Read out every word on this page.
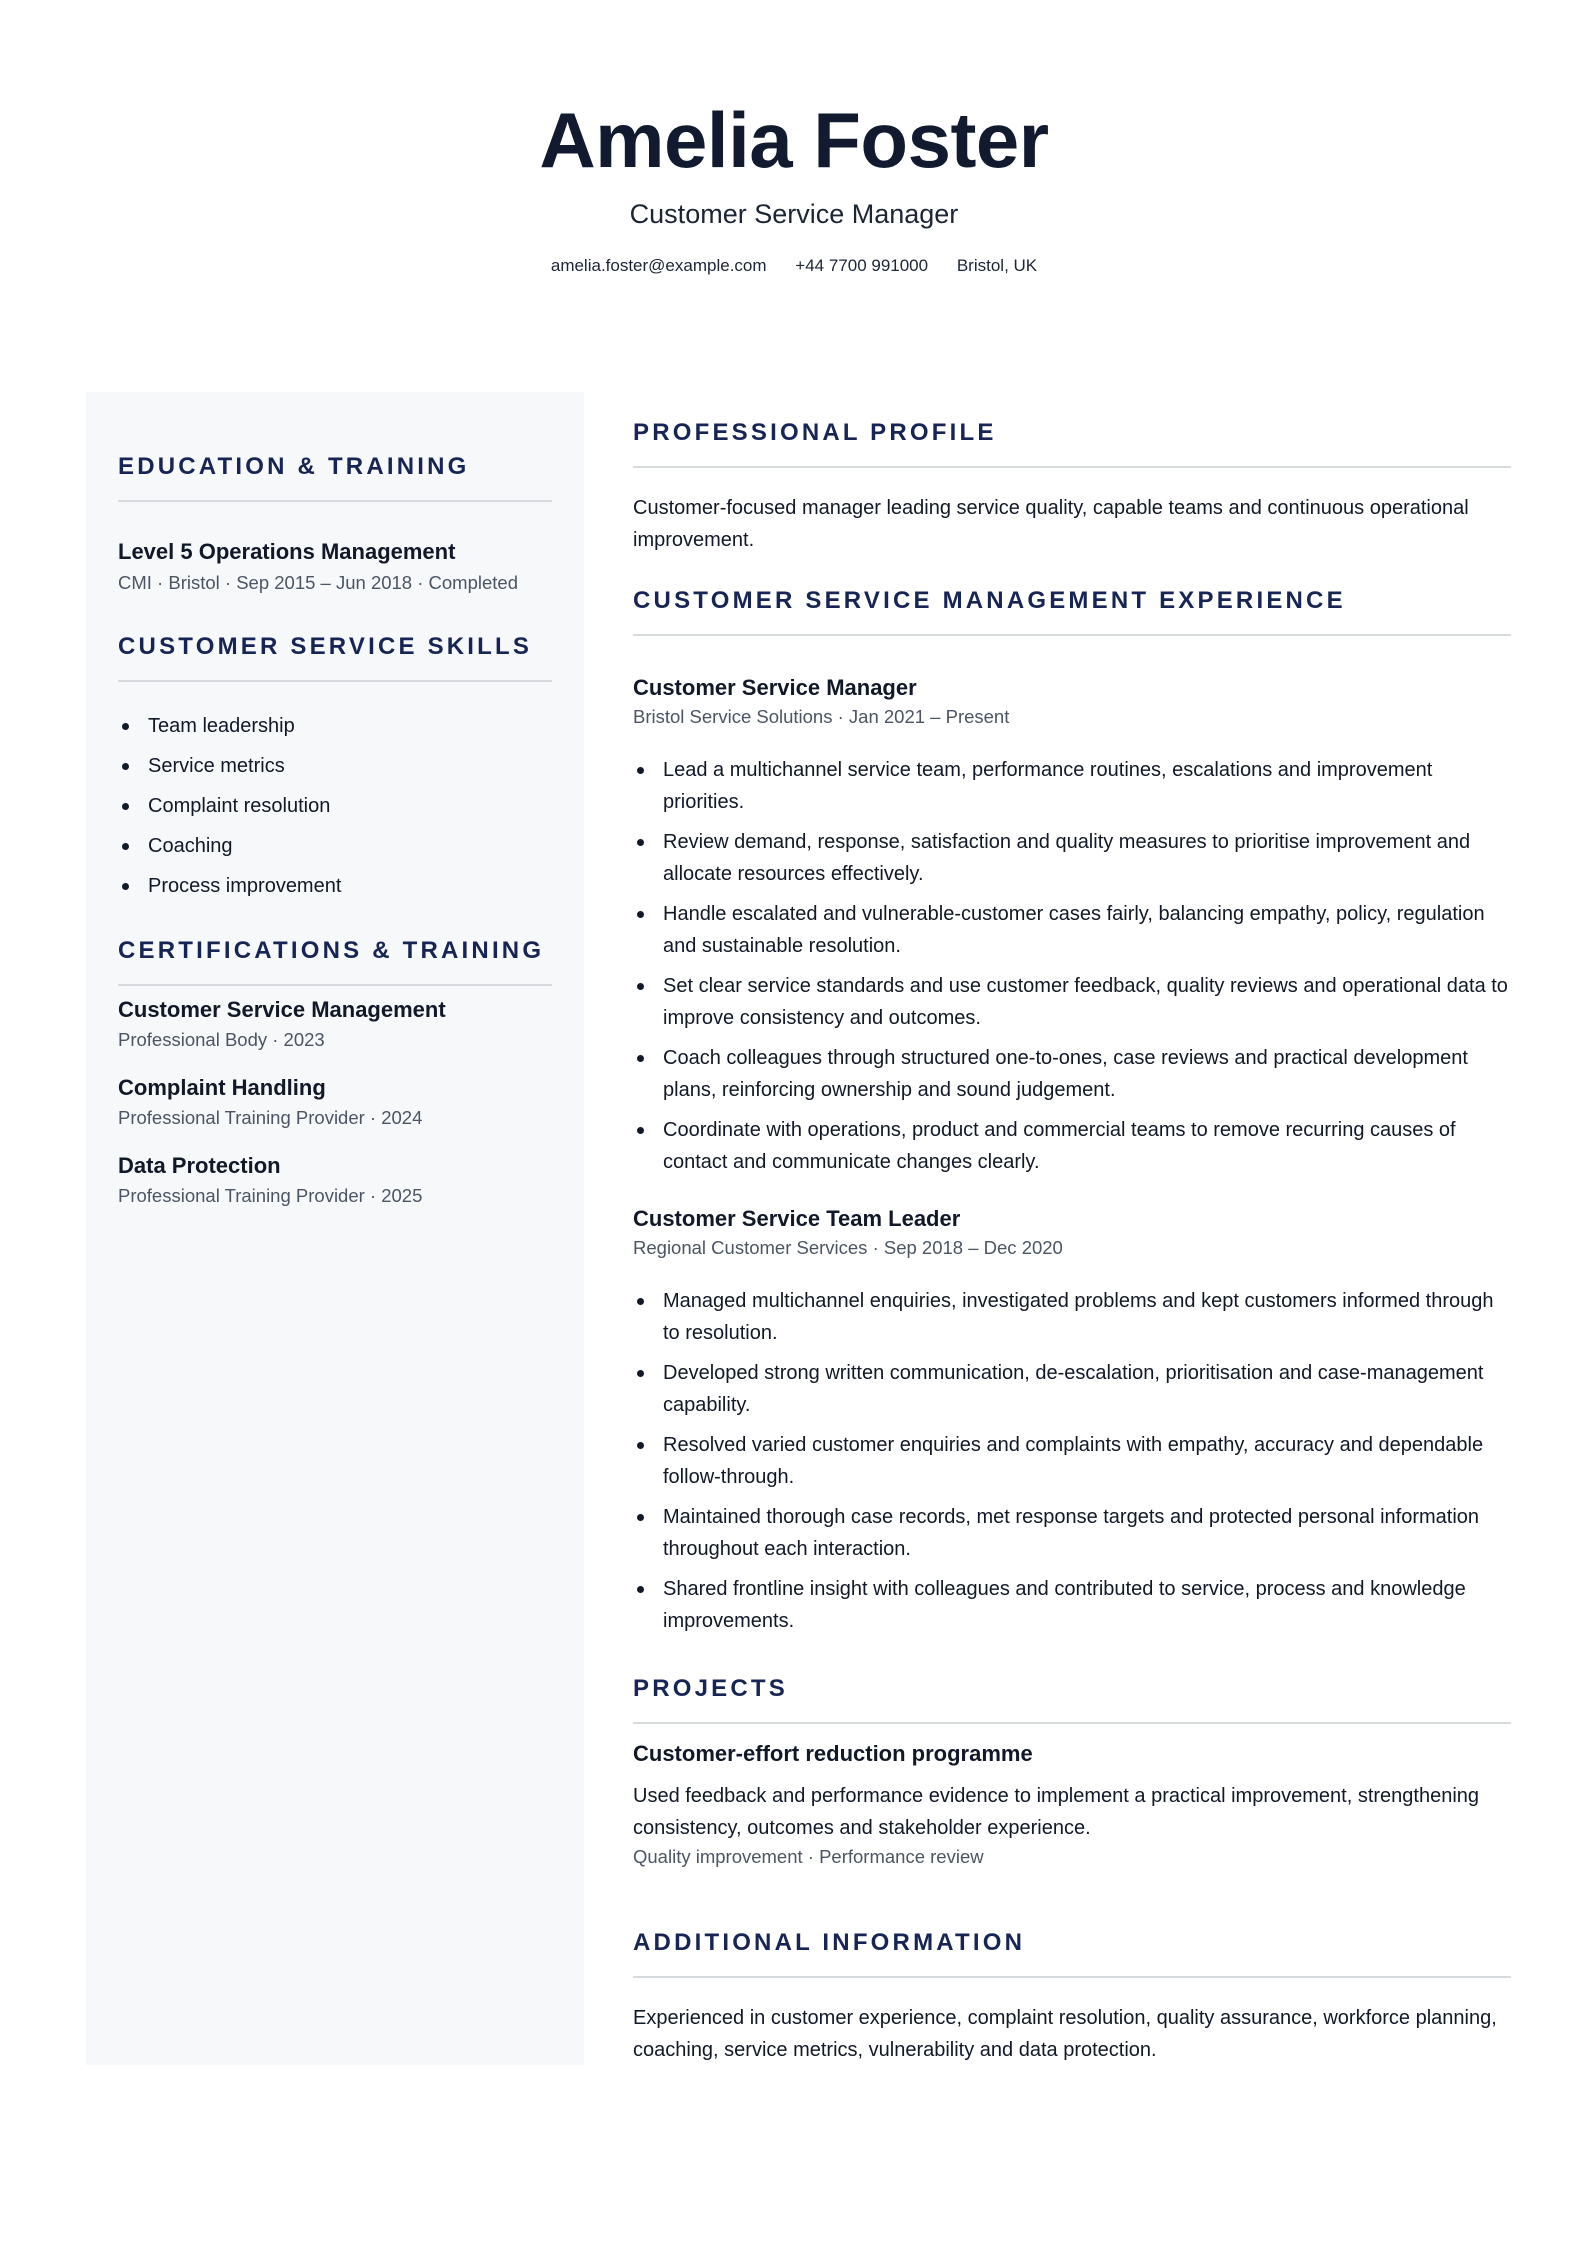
Amelia Foster
Customer Service Manager
amelia.foster@example.com +44 7700 991000 Bristol, UK
EDUCATION & TRAINING
Level 5 Operations Management
CMI · Bristol · Sep 2015 – Jun 2018 · Completed
CUSTOMER SERVICE SKILLS
Team leadership
Service metrics
Complaint resolution
Coaching
Process improvement
CERTIFICATIONS & TRAINING
Customer Service Management
Professional Body · 2023
Complaint Handling
Professional Training Provider · 2024
Data Protection
Professional Training Provider · 2025
PROFESSIONAL PROFILE
Customer-focused manager leading service quality, capable teams and continuous operational improvement.
CUSTOMER SERVICE MANAGEMENT EXPERIENCE
Customer Service Manager
Bristol Service Solutions · Jan 2021 – Present
Lead a multichannel service team, performance routines, escalations and improvement priorities.
Review demand, response, satisfaction and quality measures to prioritise improvement and allocate resources effectively.
Handle escalated and vulnerable-customer cases fairly, balancing empathy, policy, regulation and sustainable resolution.
Set clear service standards and use customer feedback, quality reviews and operational data to improve consistency and outcomes.
Coach colleagues through structured one-to-ones, case reviews and practical development plans, reinforcing ownership and sound judgement.
Coordinate with operations, product and commercial teams to remove recurring causes of contact and communicate changes clearly.
Customer Service Team Leader
Regional Customer Services · Sep 2018 – Dec 2020
Managed multichannel enquiries, investigated problems and kept customers informed through to resolution.
Developed strong written communication, de-escalation, prioritisation and case-management capability.
Resolved varied customer enquiries and complaints with empathy, accuracy and dependable follow-through.
Maintained thorough case records, met response targets and protected personal information throughout each interaction.
Shared frontline insight with colleagues and contributed to service, process and knowledge improvements.
PROJECTS
Customer-effort reduction programme
Used feedback and performance evidence to implement a practical improvement, strengthening consistency, outcomes and stakeholder experience.
Quality improvement · Performance review
ADDITIONAL INFORMATION
Experienced in customer experience, complaint resolution, quality assurance, workforce planning, coaching, service metrics, vulnerability and data protection.
